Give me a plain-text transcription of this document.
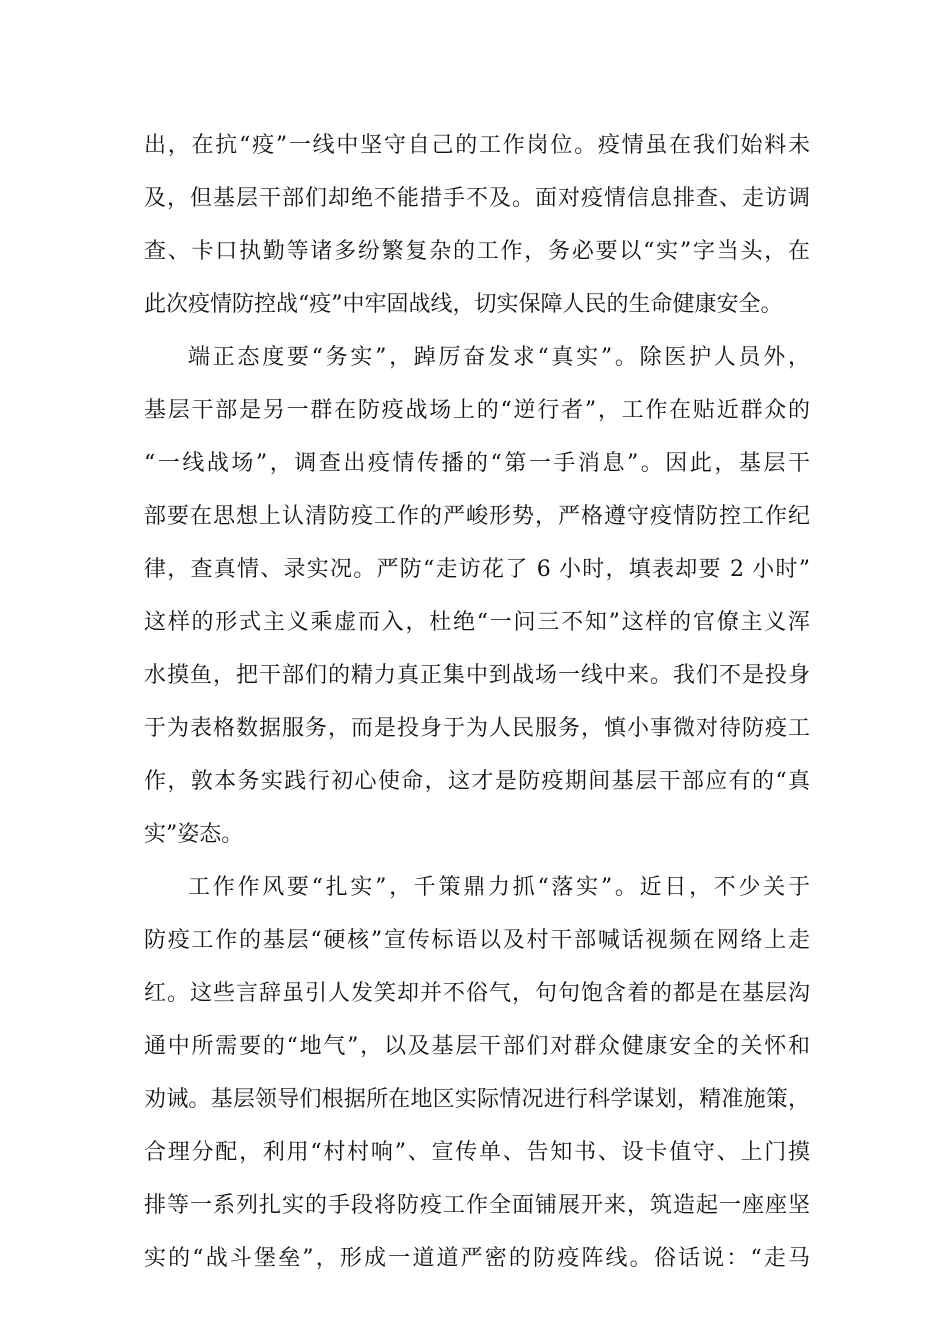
出，在抗“疫”一线中坚守自己的工作岗位。疫情虽在我们始料未
及，但基层干部们却绝不能措手不及。面对疫情信息排查、走访调
查、卡口执勤等诸多纷繁复杂的工作，务必要以“实”字当头，在
此次疫情防控战“疫”中牢固战线，切实保障人民的生命健康安全。
端正态度要“务实”，踔厉奋发求“真实”。除医护人员外，
基层干部是另一群在防疫战场上的“逆行者”，工作在贴近群众的
“一线战场”，调查出疫情传播的“第一手消息”。因此，基层干
部要在思想上认清防疫工作的严峻形势，严格遵守疫情防控工作纪
律，查真情、录实况。严防“走访花了 6 小时，填表却要 2 小时”
这样的形式主义乘虚而入，杜绝“一问三不知”这样的官僚主义浑
水摸鱼，把干部们的精力真正集中到战场一线中来。我们不是投身
于为表格数据服务，而是投身于为人民服务，慎小事微对待防疫工
作，敦本务实践行初心使命，这才是防疫期间基层干部应有的“真
实”姿态。
工作作风要“扎实”，千策鼎力抓“落实”。近日，不少关于
防疫工作的基层“硬核”宣传标语以及村干部喊话视频在网络上走
红。这些言辞虽引人发笑却并不俗气，句句饱含着的都是在基层沟
通中所需要的“地气”，以及基层干部们对群众健康安全的关怀和
劝诫。基层领导们根据所在地区实际情况进行科学谋划，精准施策，
合理分配，利用“村村响”、宣传单、告知书、设卡值守、上门摸
排等一系列扎实的手段将防疫工作全面铺展开来，筑造起一座座坚
实的“战斗堡垒”，形成一道道严密的防疫阵线。俗话说：“走马
